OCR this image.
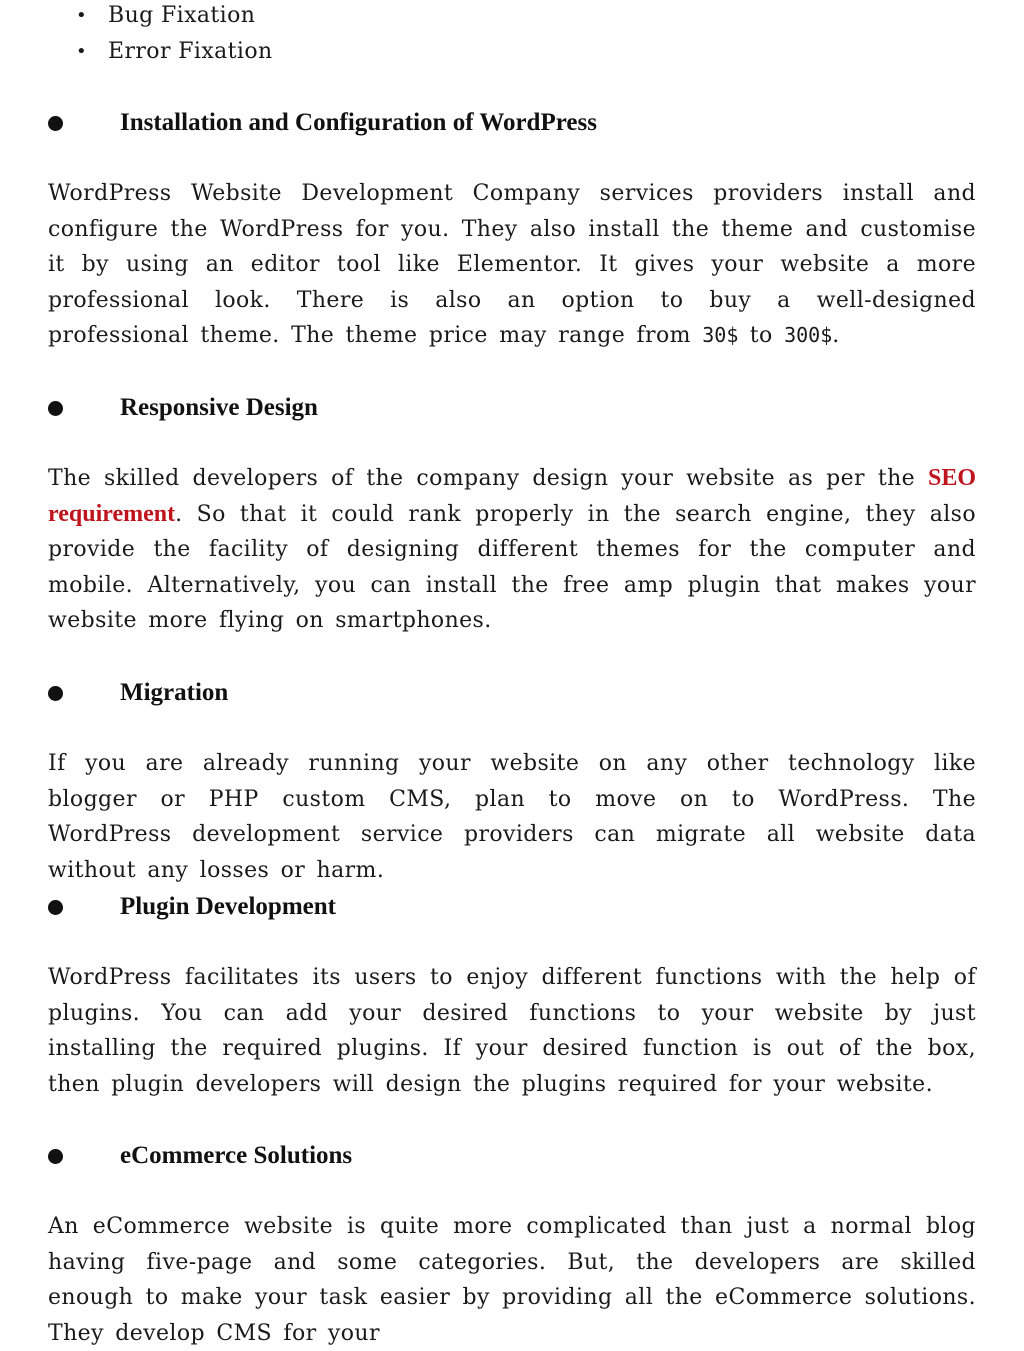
• Bug Fixation
• Error Fixation
Installation and Configuration of WordPress

WordPress Website Development Company services providers install and configure the WordPress for you. They also install the theme and customise it by using an editor tool like Elementor. It gives your website a more professional look. There is also an option to buy a well-designed professional theme. The theme price may range from 30$ to 300$.

Responsive Design

The skilled developers of the company design your website as per the SEO requirement. So that it could rank properly in the search engine, they also provide the facility of designing different themes for the computer and mobile. Alternatively, you can install the free amp plugin that makes your website more flying on smartphones.

Migration

If you are already running your website on any other technology like blogger or PHP custom CMS, plan to move on to WordPress. The WordPress development service providers can migrate all website data without any losses or harm.

Plugin Development

WordPress facilitates its users to enjoy different functions with the help of plugins. You can add your desired functions to your website by just installing the required plugins. If your desired function is out of the box, then plugin developers will design the plugins required for your website.

eCommerce Solutions

An eCommerce website is quite more complicated than just a normal blog having five-page and some categories. But, the developers are skilled enough to make your task easier by providing all the eCommerce solutions. They develop CMS for your
